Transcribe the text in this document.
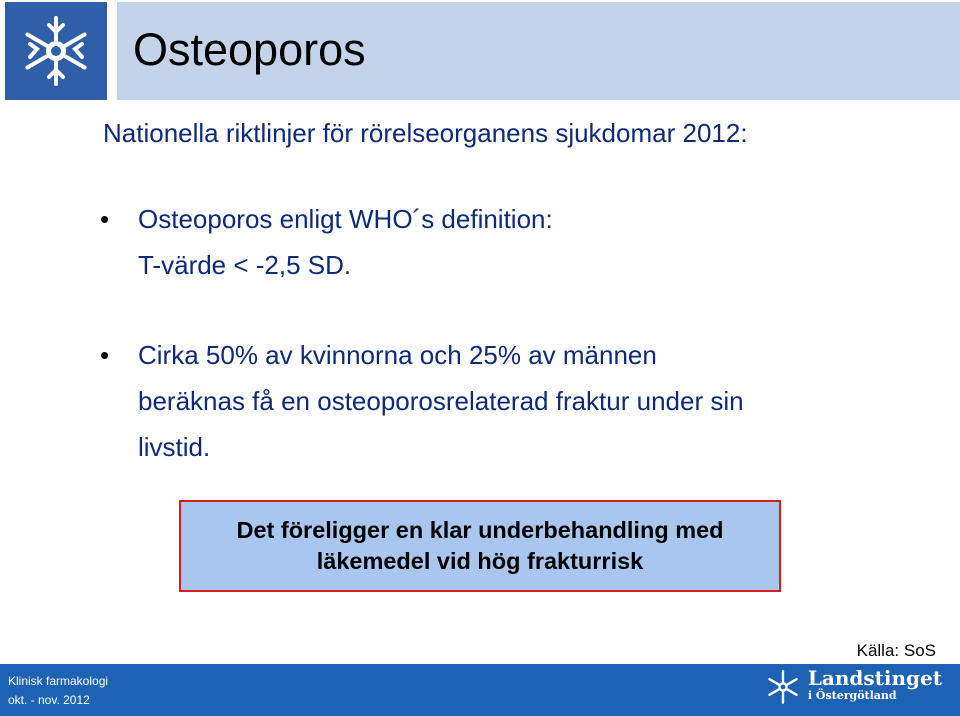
Osteoporos
Nationella riktlinjer för rörelseorganens sjukdomar 2012:
• Osteoporos enligt WHO´s definition:
T-värde < -2,5 SD.
• Cirka 50% av kvinnorna och 25% av männen
beräknas få en osteoporosrelaterad fraktur under sin
livstid.
Det föreligger en klar underbehandling med
läkemedel vid hög frakturrisk
Källa: SoS
Klinisk farmakologi
okt. - nov. 2012
Landstinget
i Östergötland
